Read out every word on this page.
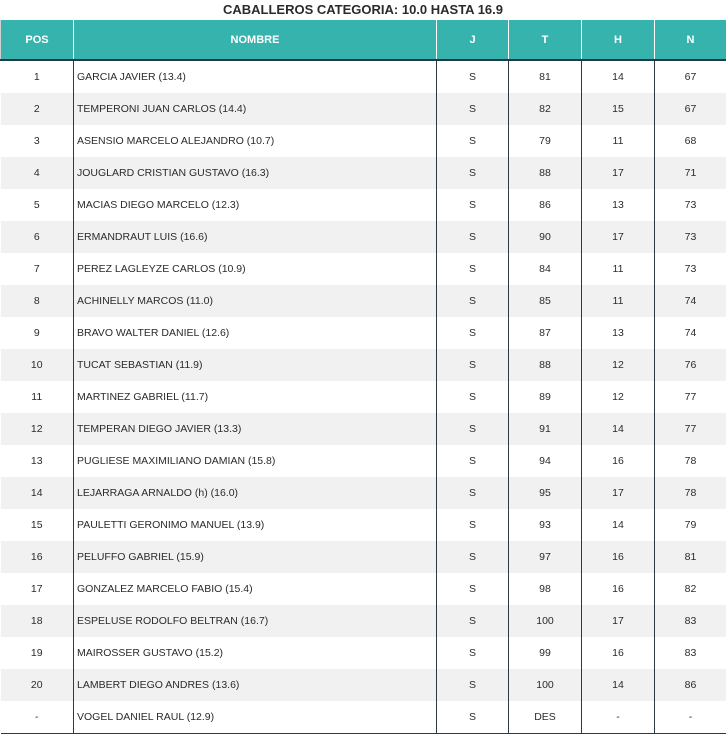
CABALLEROS CATEGORIA: 10.0 HASTA 16.9
POS	NOMBRE	J	T	H	N
1	GARCIA JAVIER (13.4)	S	81	14	67
2	TEMPERONI JUAN CARLOS (14.4)	S	82	15	67
3	ASENSIO MARCELO ALEJANDRO (10.7)	S	79	11	68
4	JOUGLARD CRISTIAN GUSTAVO (16.3)	S	88	17	71
5	MACIAS DIEGO MARCELO (12.3)	S	86	13	73
6	ERMANDRAUT LUIS (16.6)	S	90	17	73
7	PEREZ LAGLEYZE CARLOS (10.9)	S	84	11	73
8	ACHINELLY MARCOS (11.0)	S	85	11	74
9	BRAVO WALTER DANIEL (12.6)	S	87	13	74
10	TUCAT SEBASTIAN (11.9)	S	88	12	76
11	MARTINEZ GABRIEL (11.7)	S	89	12	77
12	TEMPERAN DIEGO JAVIER (13.3)	S	91	14	77
13	PUGLIESE MAXIMILIANO DAMIAN (15.8)	S	94	16	78
14	LEJARRAGA ARNALDO (h) (16.0)	S	95	17	78
15	PAULETTI GERONIMO MANUEL (13.9)	S	93	14	79
16	PELUFFO GABRIEL (15.9)	S	97	16	81
17	GONZALEZ MARCELO FABIO (15.4)	S	98	16	82
18	ESPELUSE RODOLFO BELTRAN (16.7)	S	100	17	83
19	MAIROSSER GUSTAVO (15.2)	S	99	16	83
20	LAMBERT DIEGO ANDRES (13.6)	S	100	14	86
-	VOGEL DANIEL RAUL (12.9)	S	DES	-	-
